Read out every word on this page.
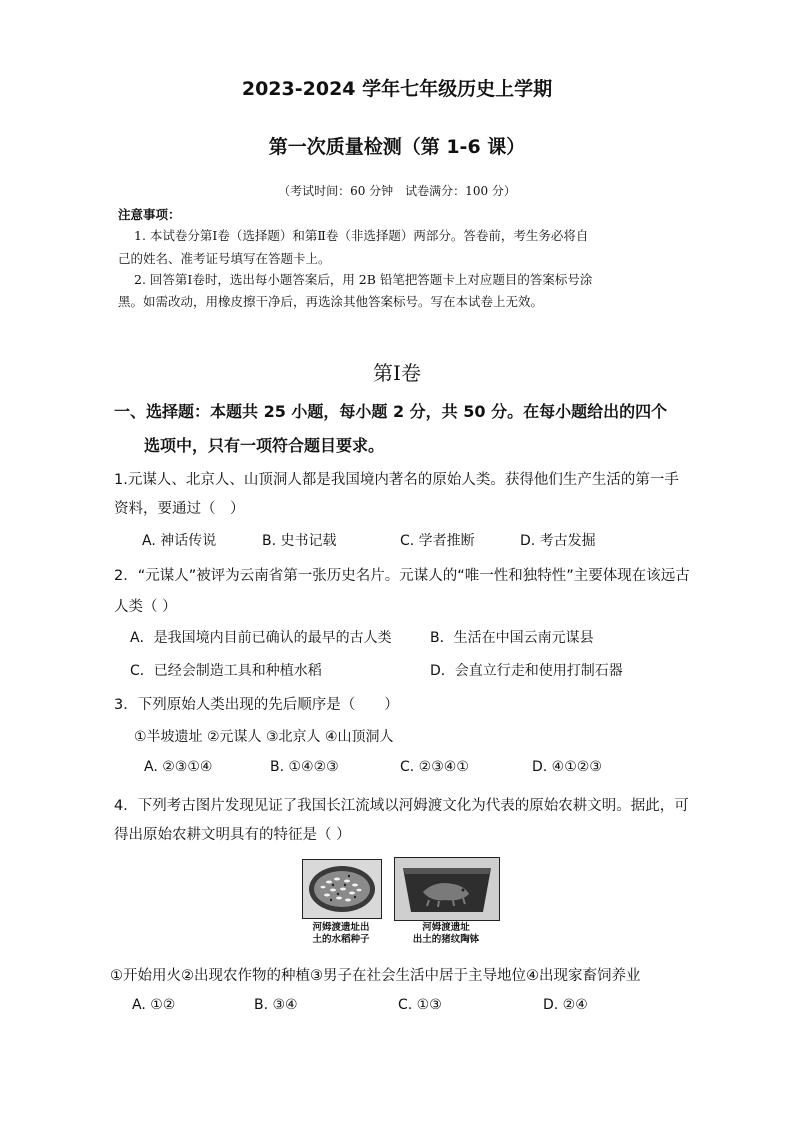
2023-2024 学年七年级历史上学期
第一次质量检测（第 1-6 课）
（考试时间：60 分钟　试卷满分：100 分）
注意事项：
1. 本试卷分第Ⅰ卷（选择题）和第Ⅱ卷（非选择题）两部分。答卷前，考生务必将自
己的姓名、准考证号填写在答题卡上。
2. 回答第Ⅰ卷时，选出每小题答案后，用 2B 铅笔把答题卡上对应题目的答案标号涂
黑。如需改动，用橡皮擦干净后，再选涂其他答案标号。写在本试卷上无效。
第Ⅰ卷
一、选择题：本题共 25 小题，每小题 2 分，共 50 分。在每小题给出的四个
选项中，只有一项符合题目要求。
1.元谋人、北京人、山顶洞人都是我国境内著名的原始人类。获得他们生产生活的第一手
资料，要通过（　）
A. 神话传说	B. 史书记载	C. 学者推断	D. 考古发掘
2．“元谋人”被评为云南省第一张历史名片。元谋人的“唯一性和独特性”主要体现在该远古
人类（ ）
A．是我国境内目前已确认的最早的古人类	B．生活在中国云南元谋县
C．已经会制造工具和种植水稻	D．会直立行走和使用打制石器
3．下列原始人类出现的先后顺序是（　　）
①半坡遗址 ②元谋人 ③北京人 ④山顶洞人
A. ②③①④	B. ①④②③	C. ②③④①	D. ④①②③
4．下列考古图片发现见证了我国长江流域以河姆渡文化为代表的原始农耕文明。据此，可
得出原始农耕文明具有的特征是（ ）
河姆渡遗址出
土的水稻种子
河姆渡遗址
出土的猪纹陶钵
①开始用火②出现农作物的种植③男子在社会生活中居于主导地位④出现家畜饲养业
A. ①②	B. ③④	C. ①③	D. ②④
